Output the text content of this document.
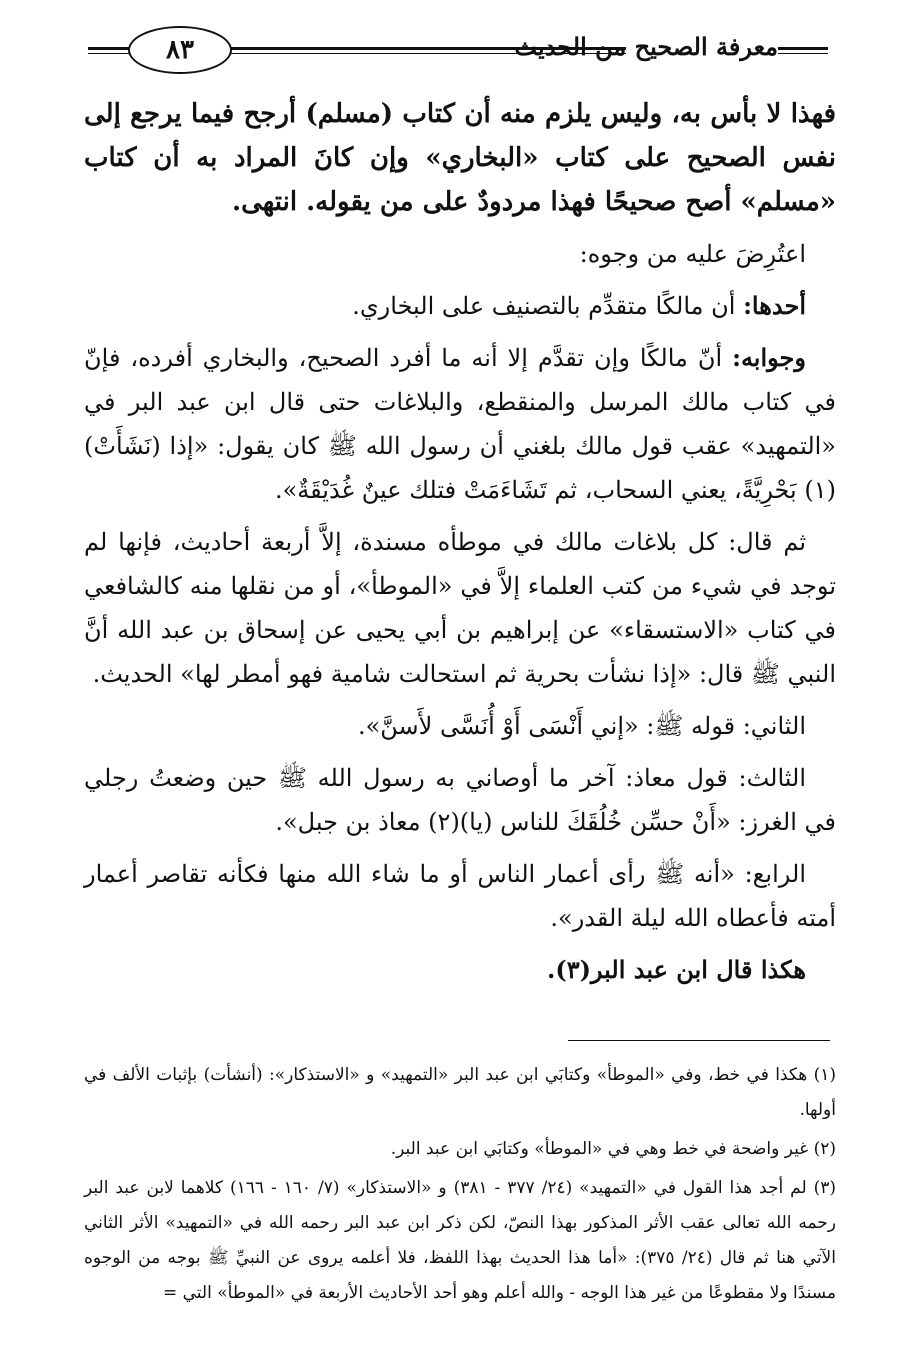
٨٣	معرفة الصحيح من الحديث

فهذا لا بأس به، وليس يلزم منه أن كتاب (مسلم) أرجح فيما يرجع إلى نفس الصحيح على كتاب «البخاري» وإن كانَ المراد به أن كتاب «مسلم» أصح صحيحًا فهذا مردودٌ على من يقوله. انتهى.

اعتُرِضَ عليه من وجوه:

أحدها: أن مالكًا متقدِّم بالتصنيف على البخاري.

وجوابه: أنّ مالكًا وإن تقدَّم إلا أنه ما أفرد الصحيح، والبخاري أفرده، فإنّ في كتاب مالك المرسل والمنقطع، والبلاغات حتى قال ابن عبد البر في «التمهيد» عقب قول مالك بلغني أن رسول الله ﷺ كان يقول: «إذا (نَشَأَتْ)(١) بَحْرِيَّةً، يعني السحاب، ثم تَشَاءَمَتْ فتلك عينٌ غُدَيْقَةٌ».

ثم قال: كل بلاغات مالك في موطأه مسندة، إلاَّ أربعة أحاديث، فإنها لم توجد في شيء من كتب العلماء إلاَّ في «الموطأ»، أو من نقلها منه كالشافعي في كتاب «الاستسقاء» عن إبراهيم بن أبي يحيى عن إسحاق بن عبد الله أنَّ النبي ﷺ قال: «إذا نشأت بحرية ثم استحالت شامية فهو أمطر لها» الحديث.

الثاني: قوله ﷺ: «إني أَنْسَى أَوْ أُنَسَّى لأَسنَّ».

الثالث: قول معاذ: آخر ما أوصاني به رسول الله ﷺ حين وضعتُ رجلي في الغرز: «أَنْ حسِّن خُلُقَكَ للناس (يا)(٢) معاذ بن جبل».

الرابع: «أنه ﷺ رأى أعمار الناس أو ما شاء الله منها فكأنه تقاصر أعمار أمته فأعطاه الله ليلة القدر».

هكذا قال ابن عبد البر(٣).

(١) هكذا في خط، وفي «الموطأ» وكتابَي ابن عبد البر «التمهيد» و «الاستذكار»: (أنشأت) بإثبات الألف في أولها.

(٢) غير واضحة في خط وهي في «الموطأ» وكتابَي ابن عبد البر.

(٣) لم أجد هذا القول في «التمهيد» (٢٤/ ٣٧٧ - ٣٨١) و «الاستذكار» (٧/ ١٦٠ - ١٦٦) كلاهما لابن عبد البر رحمه الله تعالى عقب الأثر المذكور بهذا النصّ، لكن ذكر ابن عبد البر رحمه الله في «التمهيد» الأثر الثاني الآتي هنا ثم قال (٢٤/ ٣٧٥): «أما هذا الحديث بهذا اللفظ، فلا أعلمه يروى عن النبيِّ ﷺ بوجه من الوجوه مسندًا ولا مقطوعًا من غير هذا الوجه - والله أعلم وهو أحد الأحاديث الأربعة في «الموطأ» التي =
